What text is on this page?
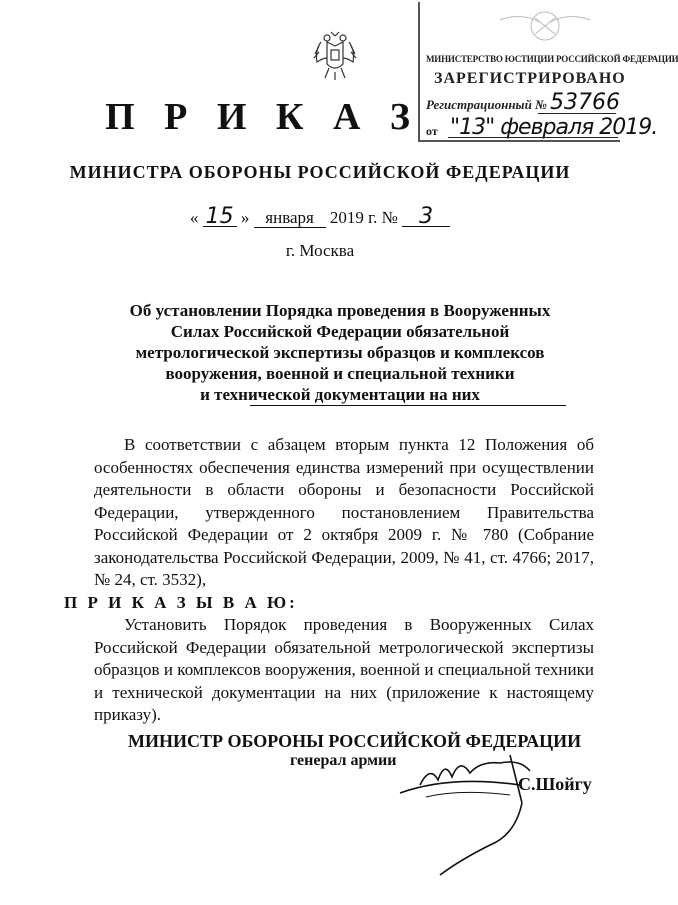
МИНИСТЕРСТВО ЮСТИЦИИ РОССИЙСКОЙ ФЕДЕРАЦИИ
ЗАРЕГИСТРИРОВАНО
Регистрационный № 53766
от "13" февраля 2019.
П Р И К А З
МИНИСТРА ОБОРОНЫ РОССИЙСКОЙ ФЕДЕРАЦИИ
« 15 » января 2019 г. № 3
г. Москва
Об установлении Порядка проведения в Вооруженных
Силах Российской Федерации обязательной
метрологической экспертизы образцов и комплексов
вооружения, военной и специальной техники
и технической документации на них

В соответствии с абзацем вторым пункта 12 Положения об особенностях обеспечения единства измерений при осуществлении деятельности в области обороны и безопасности Российской Федерации, утвержденного постановлением Правительства Российской Федерации от 2 октября 2009 г. № 780 (Собрание законодательства Российской Федерации, 2009, № 41, ст. 4766; 2017, № 24, ст. 3532),
П Р И К А З Ы В А Ю:

Установить Порядок проведения в Вооруженных Силах Российской Федерации обязательной метрологической экспертизы образцов и комплексов вооружения, военной и специальной техники и технической документации на них (приложение к настоящему приказу).

МИНИСТР ОБОРОНЫ РОССИЙСКОЙ ФЕДЕРАЦИИ
генерал армии
С.Шойгу
